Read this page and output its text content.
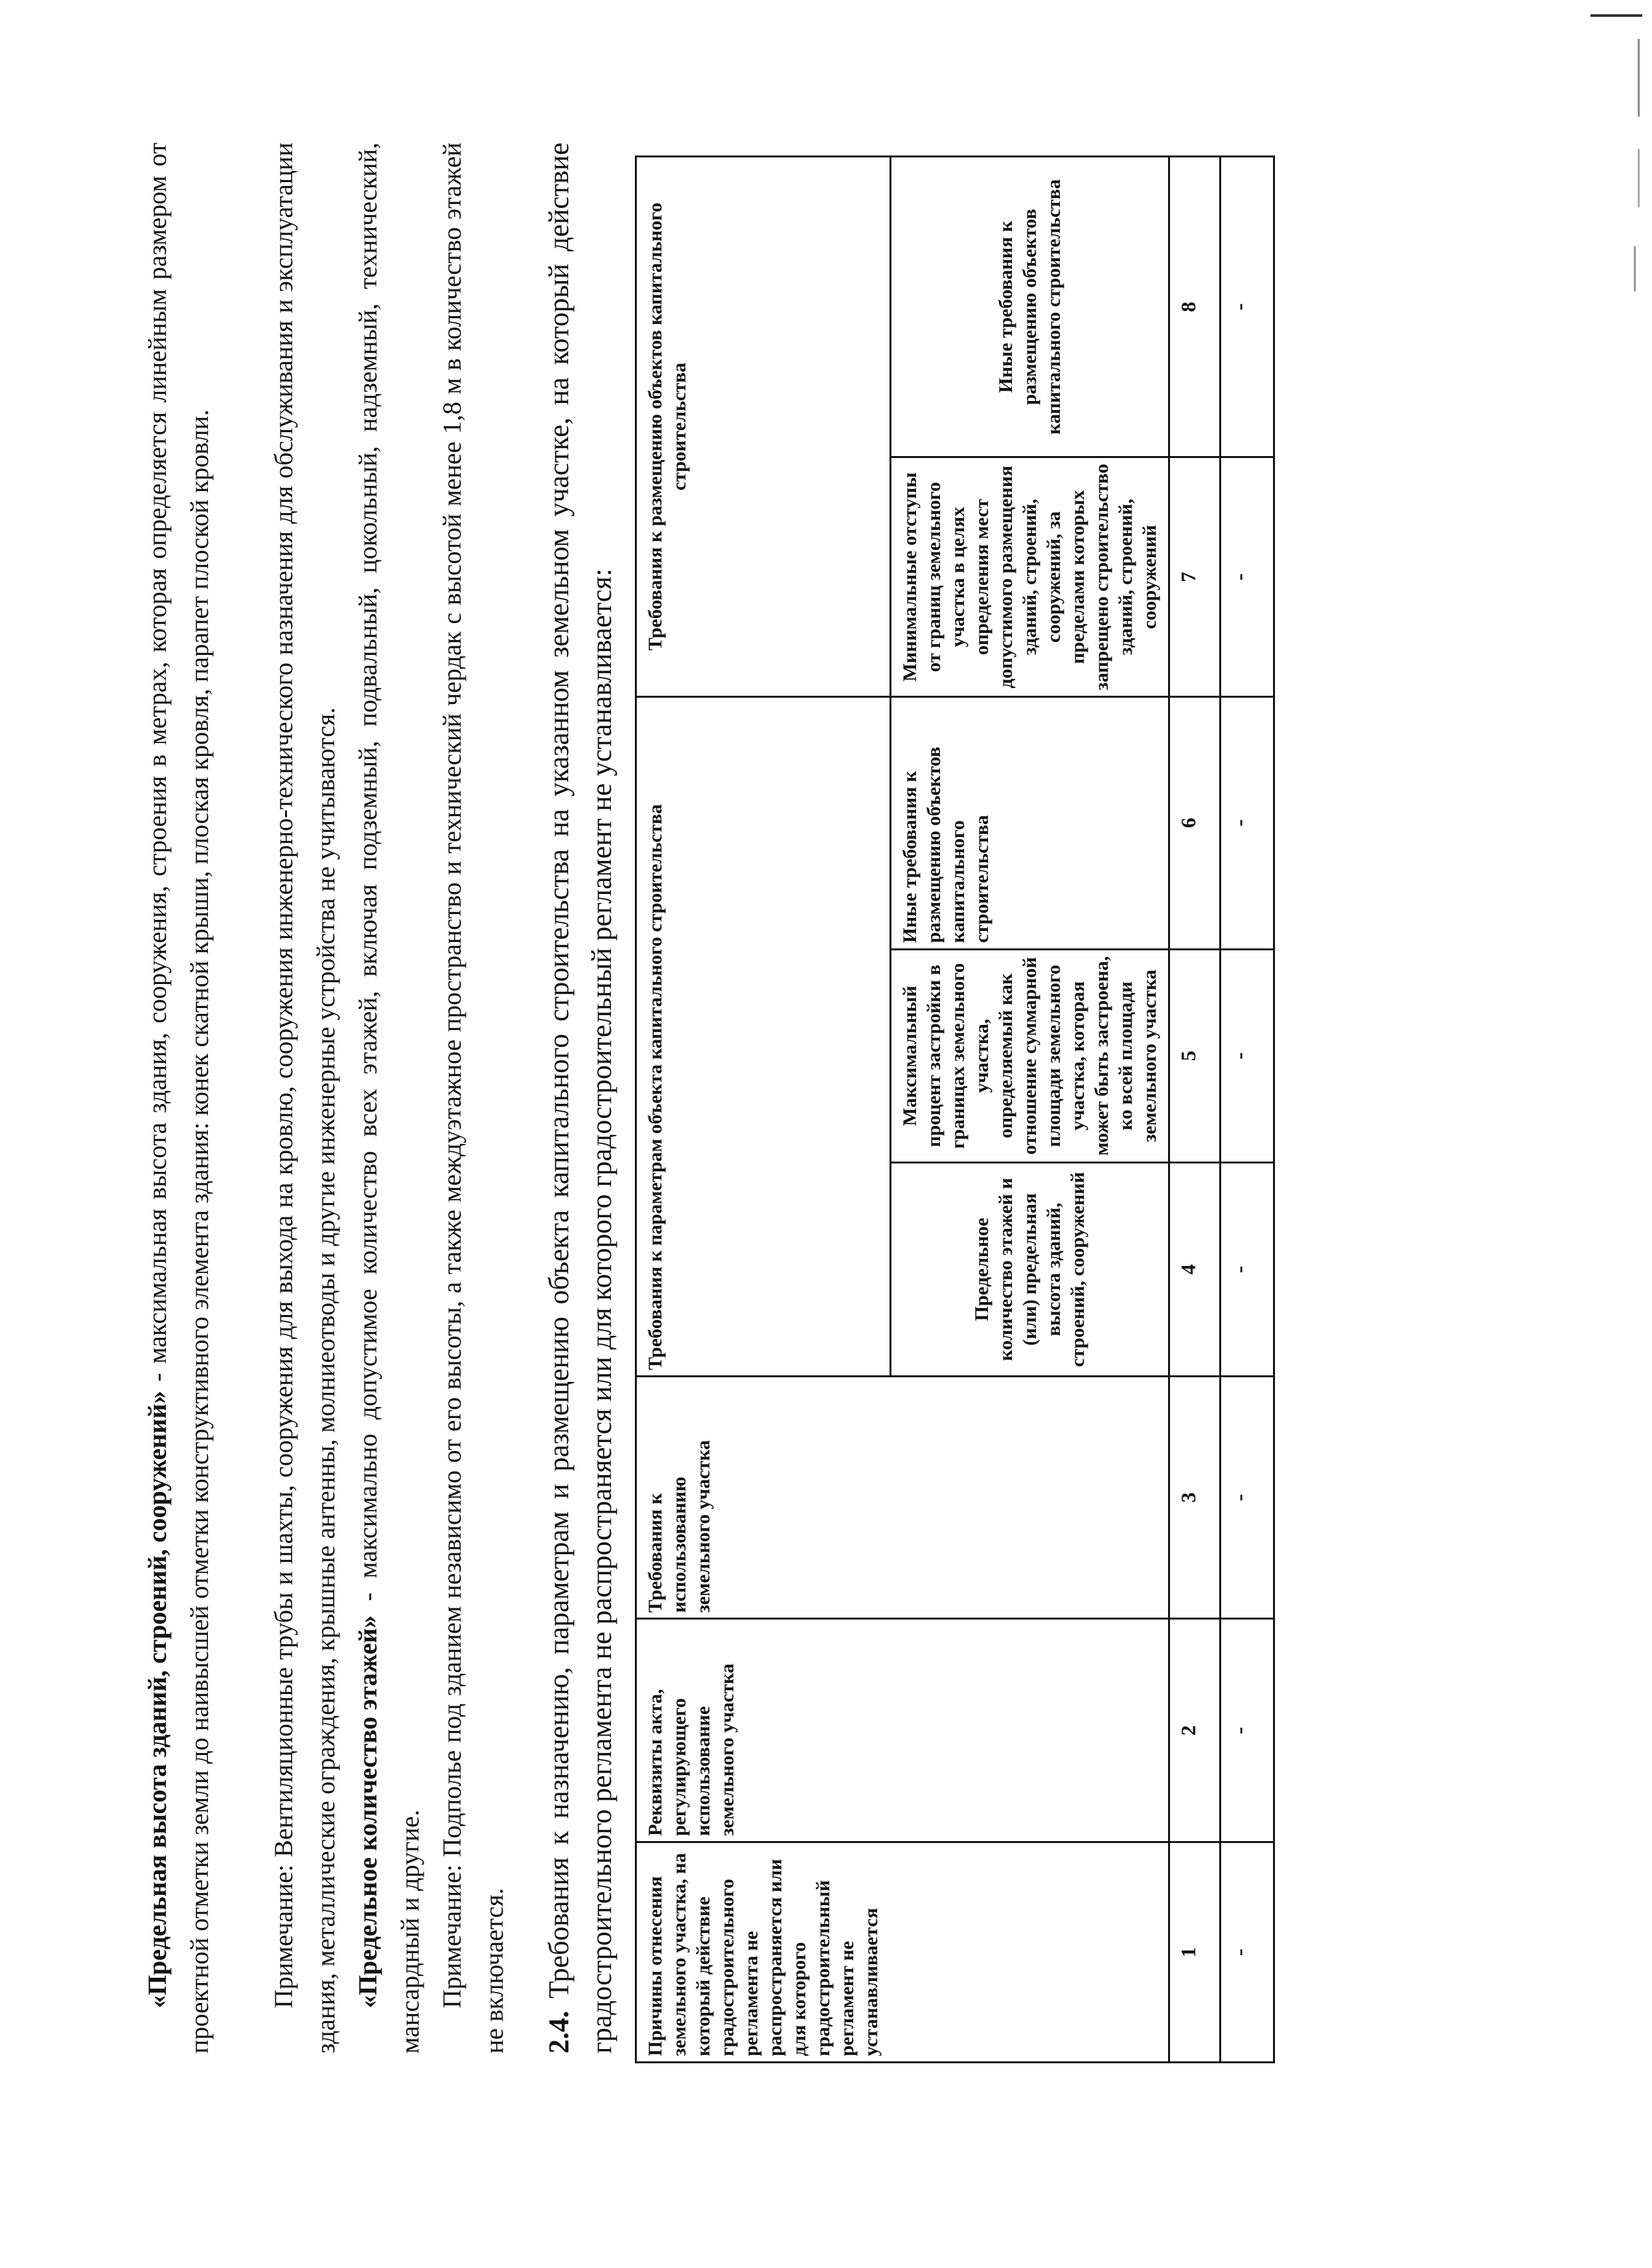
«Предельная высота зданий, строений, сооружений» - максимальная высота здания, сооружения, строения в метрах, которая определяется линейным размером от проектной отметки земли до наивысшей отметки конструктивного элемента здания: конек скатной крыши, плоская кровля, парапет плоской кровли. Примечание: Вентиляционные трубы и шахты, сооружения для выхода на кровлю, сооружения инженерно-технического назначения для обслуживания и эксплуатации здания, металлические ограждения, крышные антенны, молниеотводы и другие инженерные устройства не учитываются. «Предельное количество этажей» - максимально допустимое количество всех этажей, включая подземный, подвальный, цокольный, надземный, технический, мансардный и другие. Примечание: Подполье под зданием независимо от его высоты, а также междуэтажное пространство и технический чердак с высотой менее 1,8 м в количество этажей не включается. 2.4. Требования к назначению, параметрам и размещению объекта капитального строительства на указанном земельном участке, на который действие градостроительного регламента не распространяется или для которого градостроительный регламент не устанавливается:	Причины отнесения земельного участка, на который действие градостроительного регламента не распространяется или для которого градостроительный регламент не устанавливается	Реквизиты акта, регулирующего использование земельного участка	Требования к использованию земельного участка	Требования к параметрам объекта капитального строительства			Требования к размещению объектов капитального строительства	
			Предельное количество этажей и (или) предельная высота зданий, строений, сооружений	Максимальный процент застройки в границах земельного участка, определяемый как отношение суммарной площади земельного участка, которая может быть застроена, ко всей площади земельного участка	Иные требования к размещению объектов капитального строительства	Минимальные отступы от границ земельного участка в целях определения мест допустимого размещения зданий, строений, сооружений, за пределами которых запрещено строительство зданий, строений, сооружений	Иные требования к размещению объектов капитального строительства
1	2	3	4	5	6	7	8
-	-	-	-	-	-	-	-
